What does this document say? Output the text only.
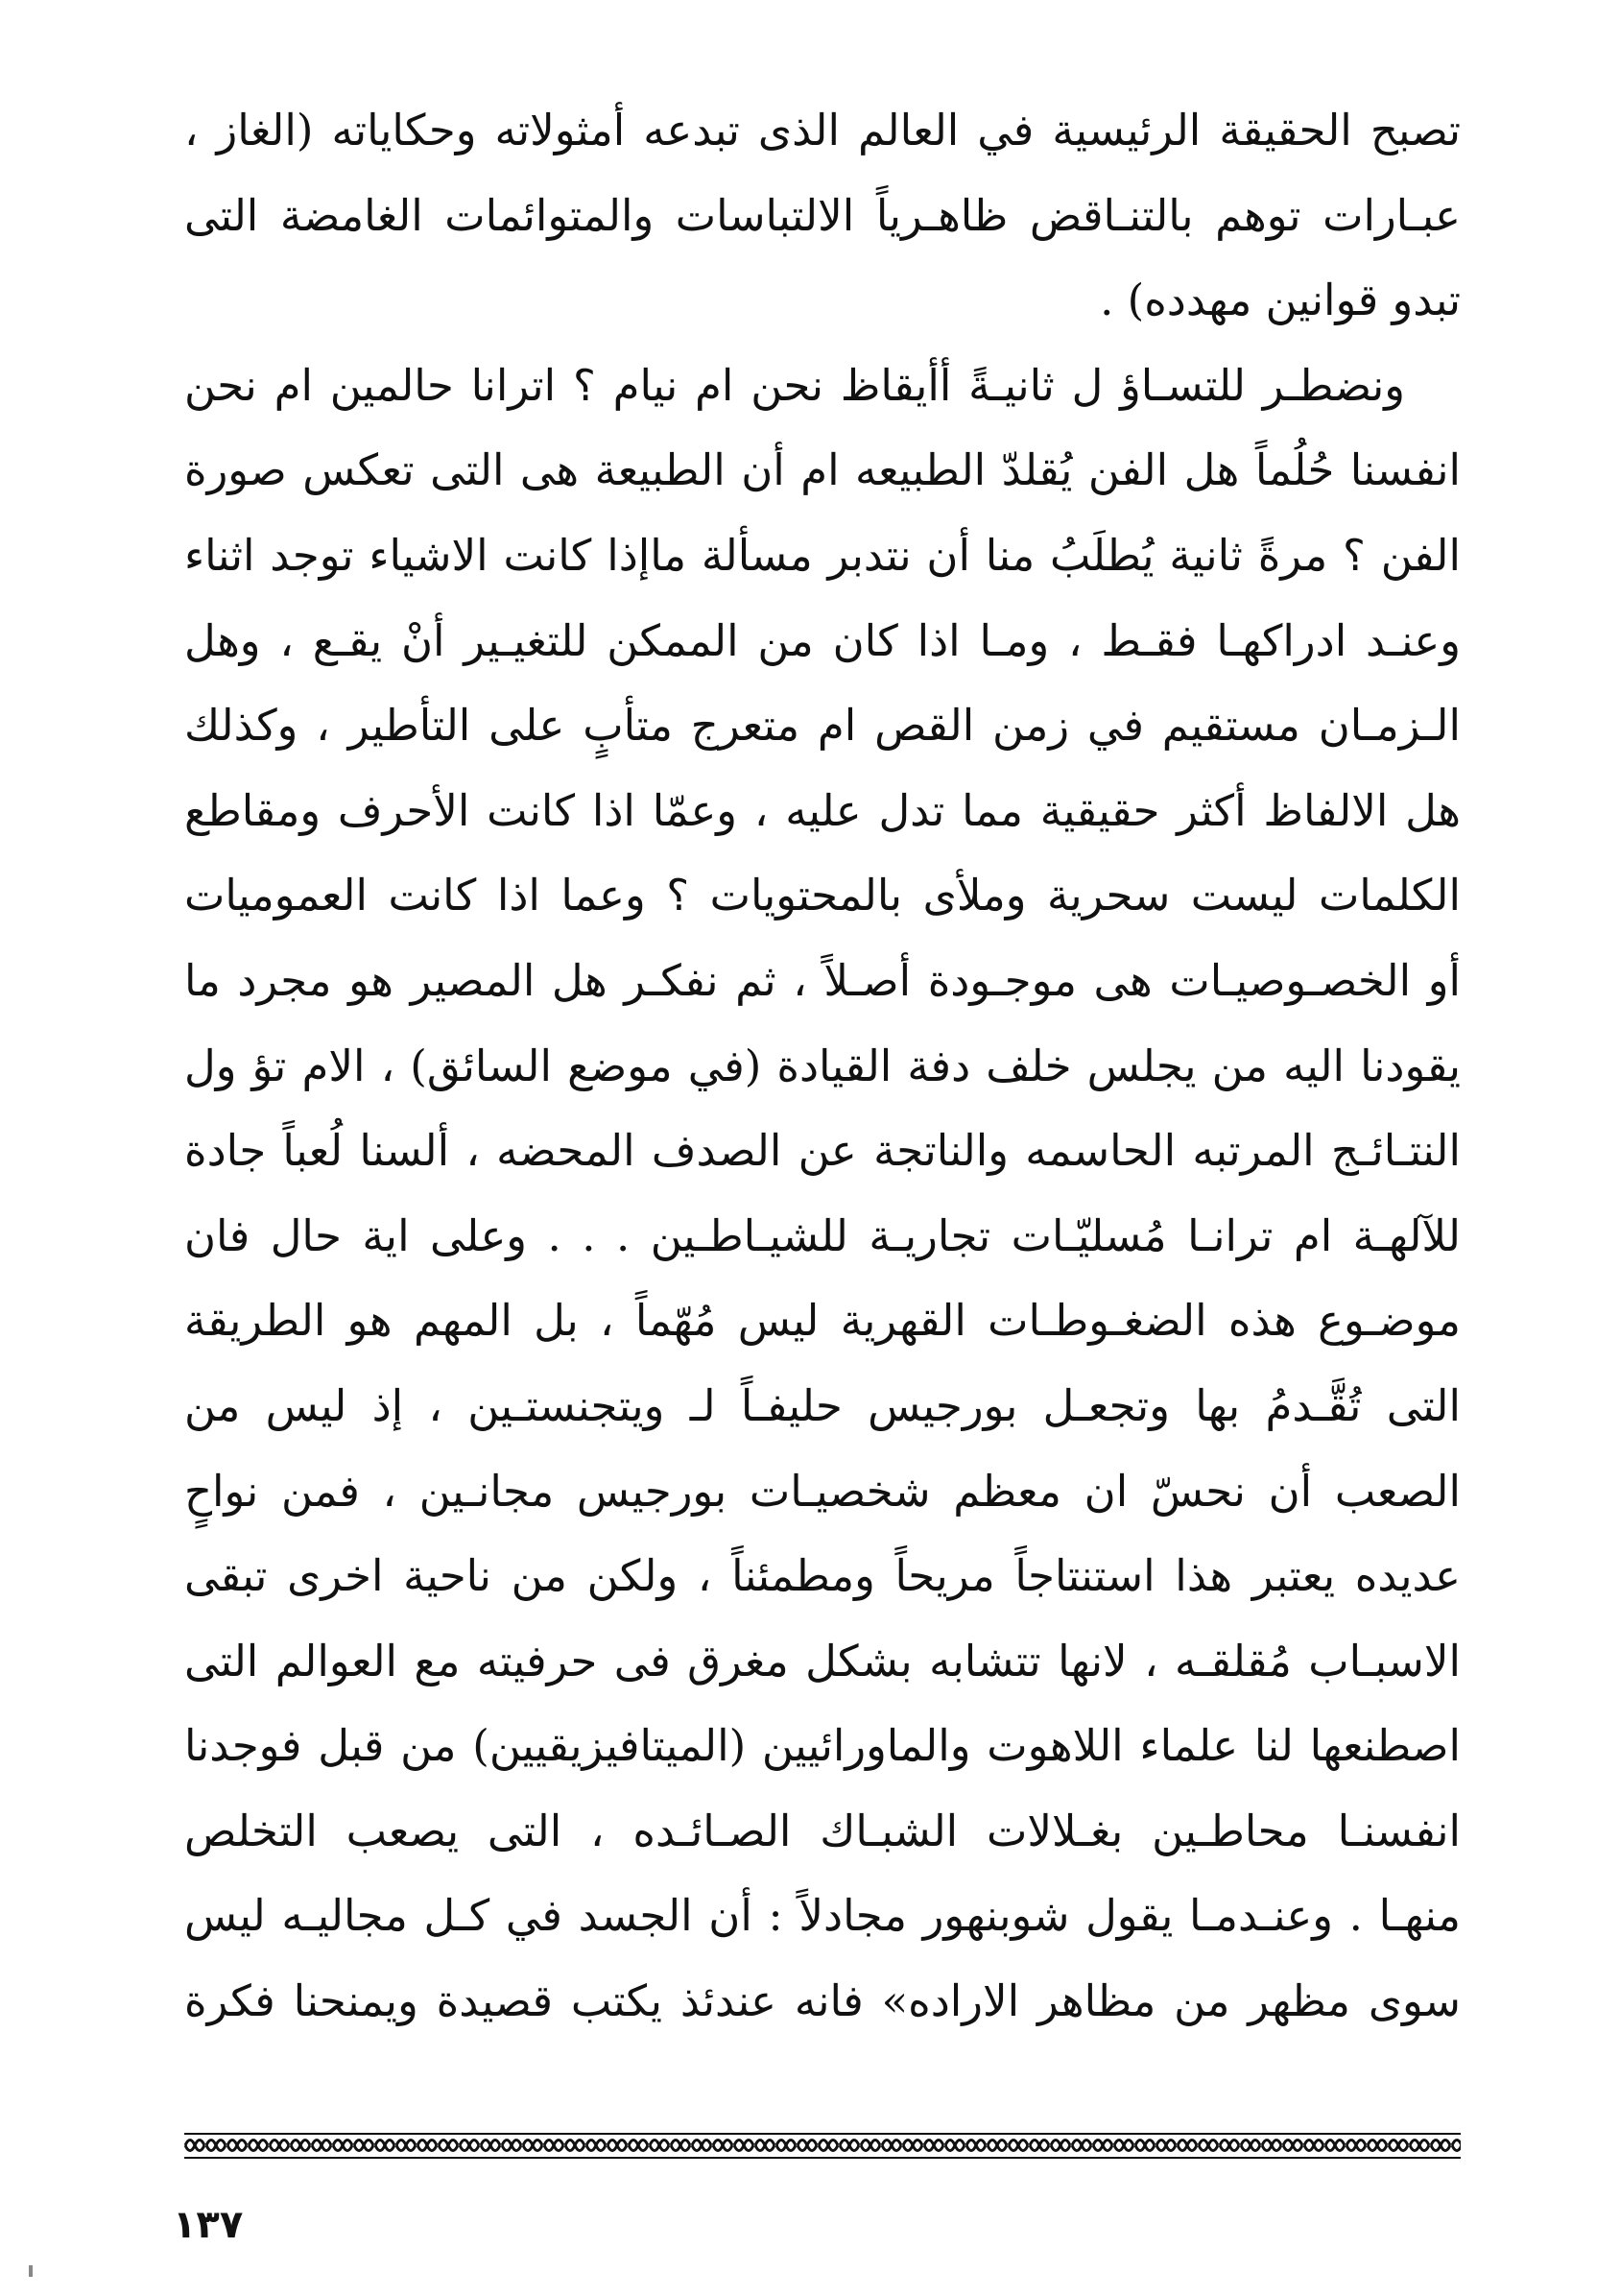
تصبح الحقيقة الرئيسية في العالم الذى تبدعه أمثولاته وحكاياته (الغاز ،
عبـارات توهم بالتنـاقض ظاهـرياً الالتباسات والمتوائمات الغامضة التى
تبدو قوانين مهدده) .
ونضطـر للتسـاؤ ل ثانيـةً أأيقاظ نحن ام نيام ؟ اترانا حالمين ام نحن
انفسنا حُلُماً هل الفن يُقلدّ الطبيعه ام أن الطبيعة هى التى تعكس صورة
الفن ؟ مرةً ثانية يُطلَبُ منا أن نتدبر مسألة ماإذا كانت الاشياء توجد اثناء
وعنـد ادراكهـا فقـط ، ومـا اذا كان من الممكن للتغيـير أنْ يقـع ، وهل
الـزمـان مستقيم في زمن القص ام متعرج متأبٍ على التأطير ، وكذلك
هل الالفاظ أكثر حقيقية مما تدل عليه ، وعمّا اذا كانت الأحرف ومقاطع
الكلمات ليست سحرية وملأى بالمحتويات ؟ وعما اذا كانت العموميات
أو الخصـوصيـات هى موجـودة أصـلاً ، ثم نفكـر هل المصير هو مجرد ما
يقودنا اليه من يجلس خلف دفة القيادة (في موضع السائق) ، الام تؤ ول
النتـائـج المرتبه الحاسمه والناتجة عن الصدف المحضه ، ألسنا لُعباً جادة
للآلهـة ام ترانـا مُسليّـات تجاريـة للشيـاطـين . . . وعلى اية حال فان
موضـوع هذه الضغـوطـات القهرية ليس مُهّماً ، بل المهم هو الطريقة
التى تُقَّـدمُ بها وتجعـل بورجيس حليفـاً لـ ويتجنستـين ، إذ ليس من
الصعب أن نحسّ ان معظم شخصيـات بورجيس مجانـين ، فمن نواحٍ
عديده يعتبر هذا استنتاجاً مريحاً ومطمئناً ، ولكن من ناحية اخرى تبقى
الاسبـاب مُقلقـه ، لانها تتشابه بشكل مغرق فى حرفيته مع العوالم التى
اصطنعها لنا علماء اللاهوت والماورائيين (الميتافيزيقيين) من قبل فوجدنا
انفسنـا محاطـين بغـلالات الشبـاك الصـائـده ، التى يصعب التخلص
منهـا . وعنـدمـا يقول شوبنهور مجادلاً : أن الجسد في كـل مجاليـه ليس
سوى مظهر من مظاهر الاراده» فانه عندئذ يكتب قصيدة ويمنحنا فكرة
١٣٧
